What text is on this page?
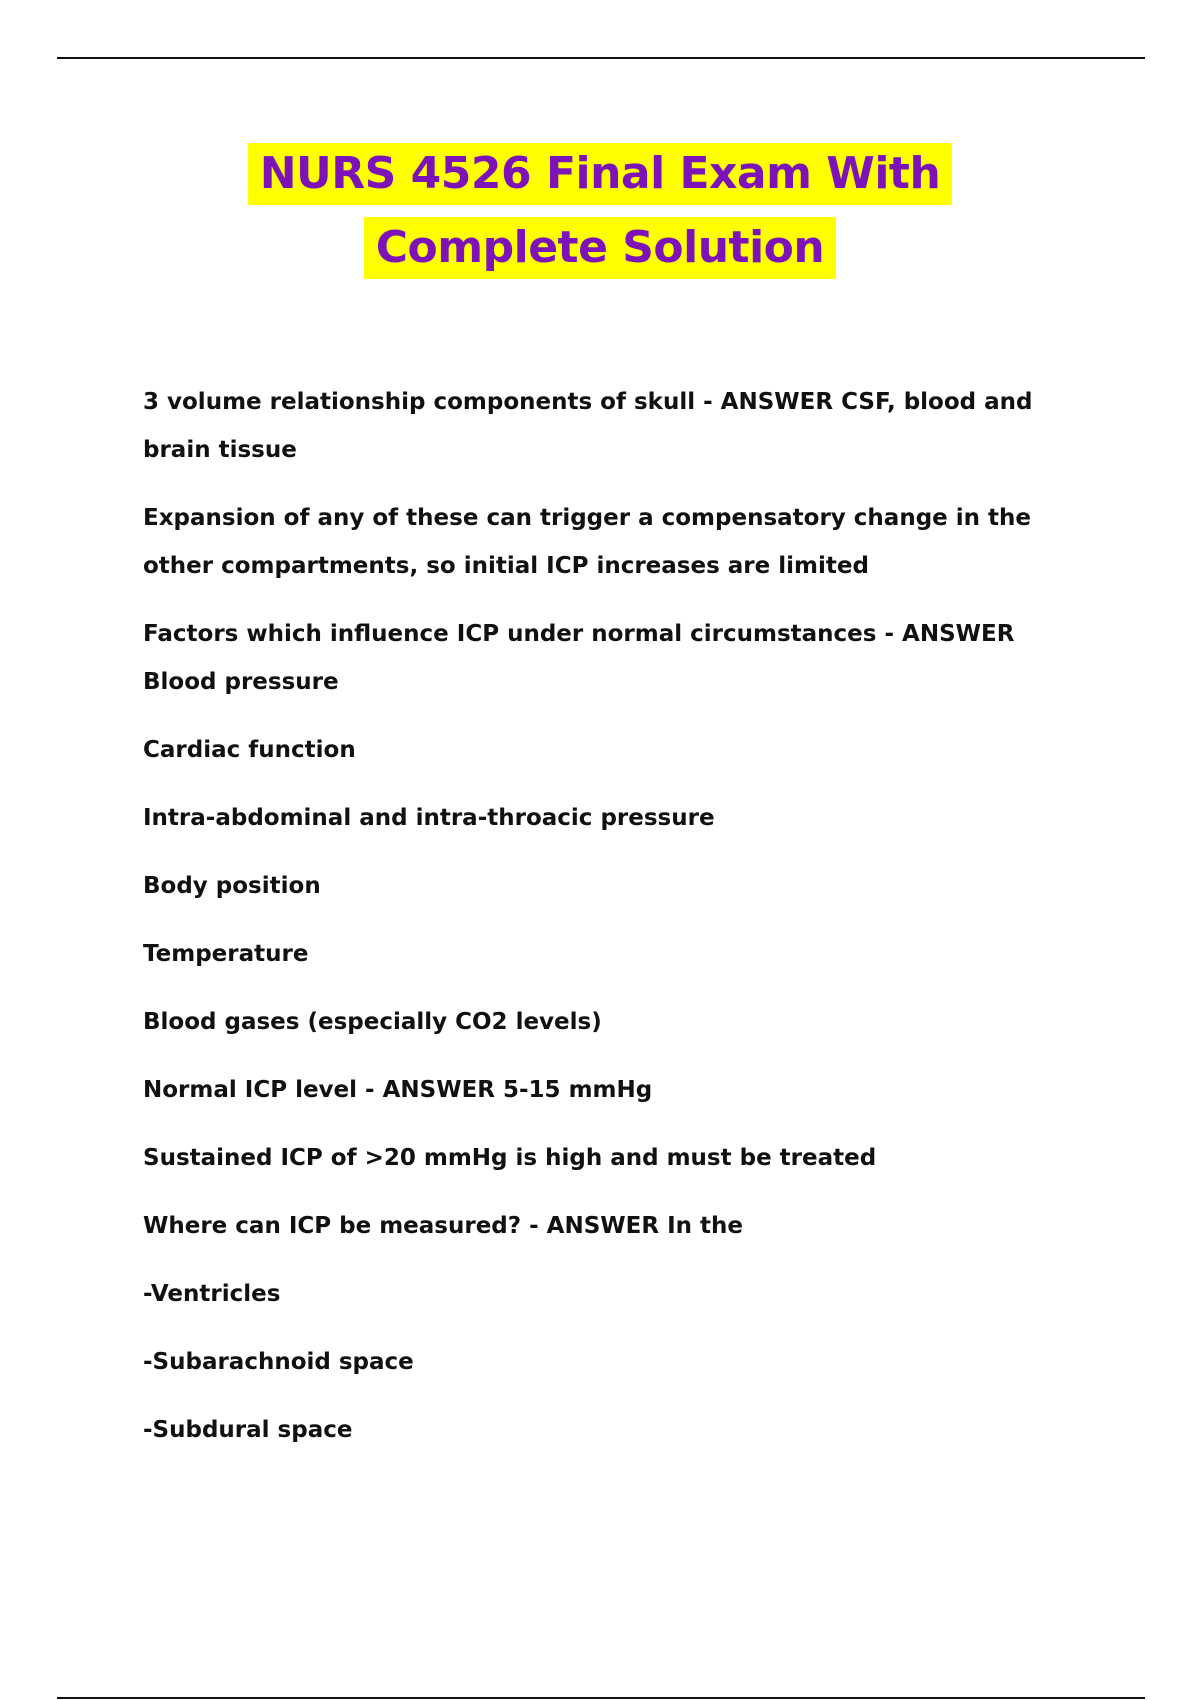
NURS 4526 Final Exam With
Complete Solution

3 volume relationship components of skull - ANSWER CSF, blood and brain tissue

Expansion of any of these can trigger a compensatory change in the other compartments, so initial ICP increases are limited

Factors which influence ICP under normal circumstances - ANSWER Blood pressure

Cardiac function

Intra-abdominal and intra-throacic pressure

Body position

Temperature

Blood gases (especially CO2 levels)

Normal ICP level - ANSWER 5-15 mmHg

Sustained ICP of >20 mmHg is high and must be treated

Where can ICP be measured? - ANSWER In the

-Ventricles

-Subarachnoid space

-Subdural space
